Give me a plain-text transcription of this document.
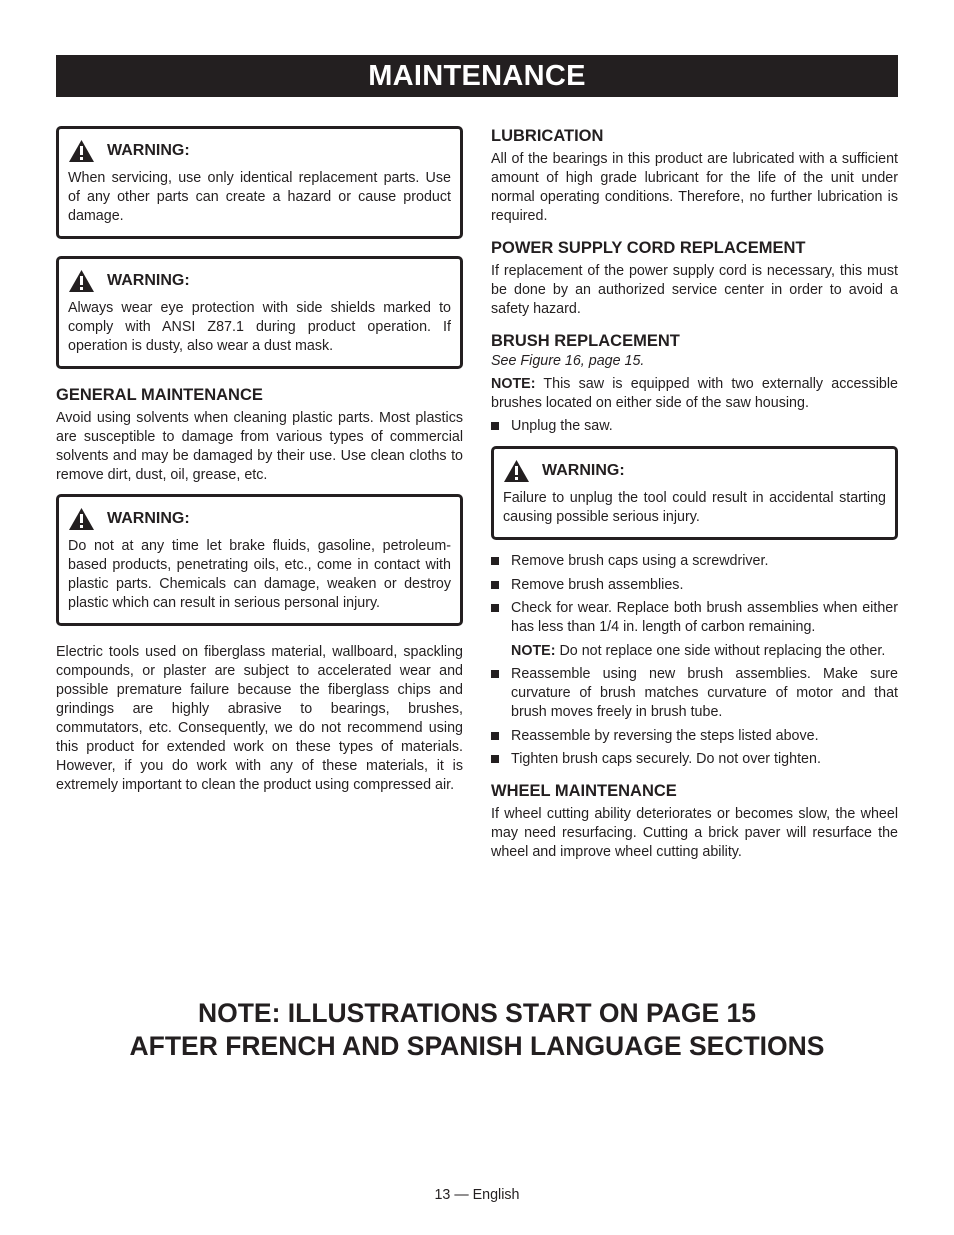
MAINTENANCE
WARNING:

When servicing, use only identical replacement parts. Use of any other parts can create a hazard or cause product damage.

WARNING:

Always wear eye protection with side shields marked to comply with ANSI Z87.1 during product operation. If operation is dusty, also wear a dust mask.

GENERAL MAINTENANCE

Avoid using solvents when cleaning plastic parts. Most plastics are susceptible to damage from various types of commercial solvents and may be damaged by their use. Use clean cloths to remove dirt, dust, oil, grease, etc.

WARNING:

Do not at any time let brake fluids, gasoline, petroleum-based products, penetrating oils, etc., come in contact with plastic parts. Chemicals can damage, weaken or destroy plastic which can result in serious personal injury.

Electric tools used on fiberglass material, wallboard, spackling compounds, or plaster are subject to accelerated wear and possible premature failure because the fiberglass chips and grindings are highly abrasive to bearings, brushes, commutators, etc. Consequently, we do not recommend using this product for extended work on these types of materials. However, if you do work with any of these materials, it is extremely important to clean the product using compressed air.

LUBRICATION

All of the bearings in this product are lubricated with a sufficient amount of high grade lubricant for the life of the unit under normal operating conditions. Therefore, no further lubrication is required.

POWER SUPPLY CORD REPLACEMENT

If replacement of the power supply cord is necessary, this must be done by an authorized service center in order to avoid a safety hazard.

BRUSH REPLACEMENT

See Figure 16, page 15.

NOTE: This saw is equipped with two externally accessible brushes located on either side of the saw housing.

Unplug the saw.
WARNING:

Failure to unplug the tool could result in accidental starting causing possible serious injury.

Remove brush caps using a screwdriver.
Remove brush assemblies.
Check for wear. Replace both brush assemblies when either has less than 1/4 in. length of carbon remaining.

NOTE: Do not replace one side without replacing the other.

Reassemble using new brush assemblies. Make sure curvature of brush matches curvature of motor and that brush moves freely in brush tube.
Reassemble by reversing the steps listed above.
Tighten brush caps securely. Do not over tighten.
WHEEL MAINTENANCE

If wheel cutting ability deteriorates or becomes slow, the wheel may need resurfacing. Cutting a brick paver will resurface the wheel and improve wheel cutting ability.

NOTE: ILLUSTRATIONS START ON PAGE 15
AFTER FRENCH AND SPANISH LANGUAGE SECTIONS
13 — English
